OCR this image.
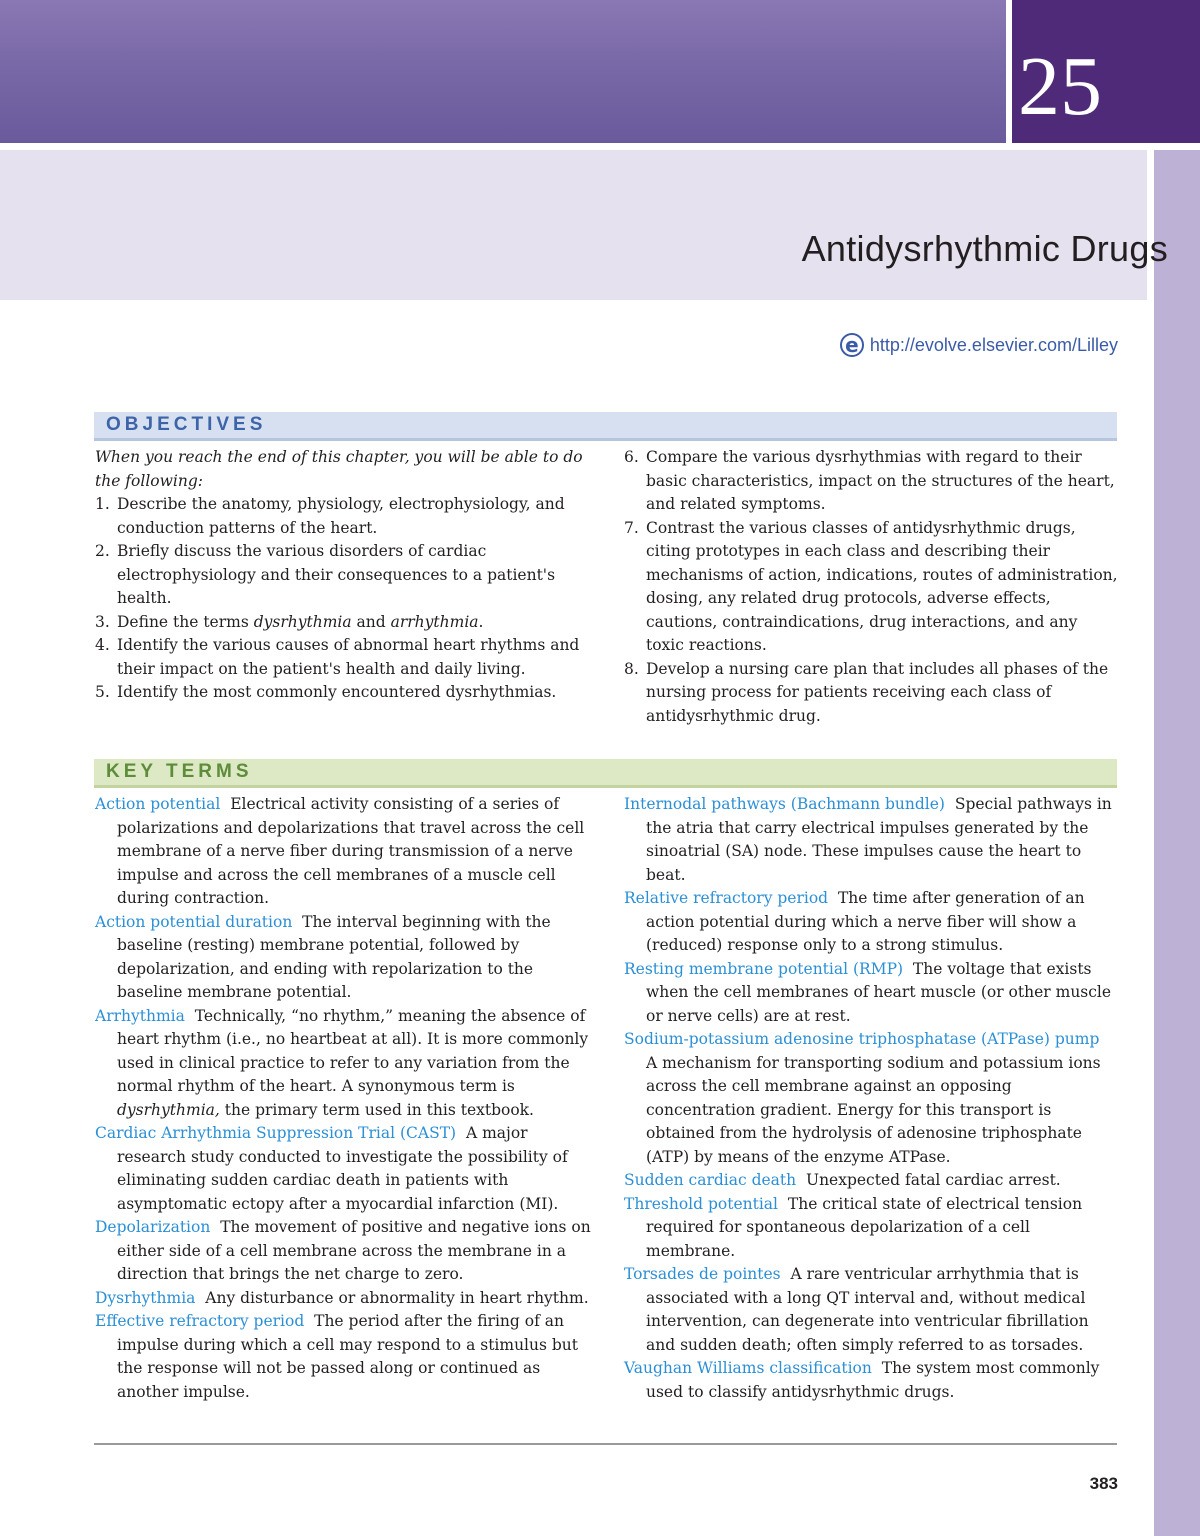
25
Antidysrhythmic Drugs
e http://evolve.elsevier.com/Lilley
OBJECTIVES

When you reach the end of this chapter, you will be able to do the following:

1. Describe the anatomy, physiology, electrophysiology, and conduction patterns of the heart.

2. Briefly discuss the various disorders of cardiac electrophysiology and their consequences to a patient's health.

3. Define the terms dysrhythmia and arrhythmia.

4. Identify the various causes of abnormal heart rhythms and their impact on the patient's health and daily living.

5. Identify the most commonly encountered dysrhythmias.

6. Compare the various dysrhythmias with regard to their basic characteristics, impact on the structures of the heart, and related symptoms.

7. Contrast the various classes of antidysrhythmic drugs, citing prototypes in each class and describing their mechanisms of action, indications, routes of administration, dosing, any related drug protocols, adverse effects, cautions, contraindications, drug interactions, and any toxic reactions.

8. Develop a nursing care plan that includes all phases of the nursing process for patients receiving each class of antidysrhythmic drug.

KEY TERMS

Action potential Electrical activity consisting of a series of polarizations and depolarizations that travel across the cell membrane of a nerve fiber during transmission of a nerve impulse and across the cell membranes of a muscle cell during contraction.

Action potential duration The interval beginning with the baseline (resting) membrane potential, followed by depolarization, and ending with repolarization to the baseline membrane potential.

Arrhythmia Technically, “no rhythm,” meaning the absence of heart rhythm (i.e., no heartbeat at all). It is more commonly used in clinical practice to refer to any variation from the normal rhythm of the heart. A synonymous term is dysrhythmia, the primary term used in this textbook.

Cardiac Arrhythmia Suppression Trial (CAST) A major research study conducted to investigate the possibility of eliminating sudden cardiac death in patients with asymptomatic ectopy after a myocardial infarction (MI).

Depolarization The movement of positive and negative ions on either side of a cell membrane across the membrane in a direction that brings the net charge to zero.

Dysrhythmia Any disturbance or abnormality in heart rhythm.

Effective refractory period The period after the firing of an impulse during which a cell may respond to a stimulus but the response will not be passed along or continued as another impulse.

Internodal pathways (Bachmann bundle) Special pathways in the atria that carry electrical impulses generated by the sinoatrial (SA) node. These impulses cause the heart to beat.

Relative refractory period The time after generation of an action potential during which a nerve fiber will show a (reduced) response only to a strong stimulus.

Resting membrane potential (RMP) The voltage that exists when the cell membranes of heart muscle (or other muscle or nerve cells) are at rest.

Sodium-potassium adenosine triphosphatase (ATPase) pump  A mechanism for transporting sodium and potassium ions across the cell membrane against an opposing concentration gradient. Energy for this transport is obtained from the hydrolysis of adenosine triphosphate (ATP) by means of the enzyme ATPase.

Sudden cardiac death Unexpected fatal cardiac arrest.

Threshold potential The critical state of electrical tension required for spontaneous depolarization of a cell membrane.

Torsades de pointes A rare ventricular arrhythmia that is associated with a long QT interval and, without medical intervention, can degenerate into ventricular fibrillation and sudden death; often simply referred to as torsades.

Vaughan Williams classification The system most commonly used to classify antidysrhythmic drugs.

383
